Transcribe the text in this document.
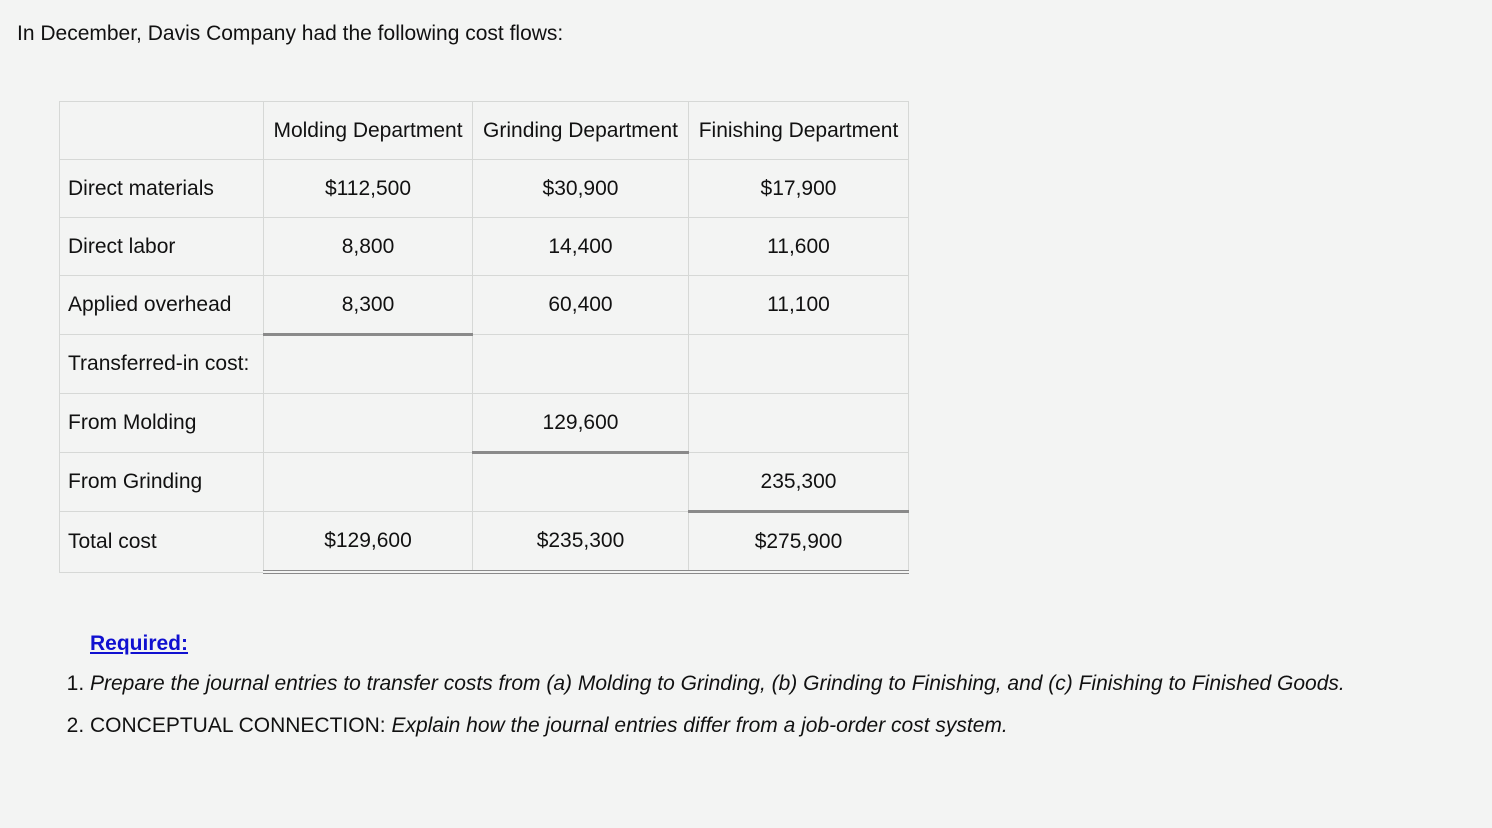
In December, Davis Company had the following cost flows:

	Molding Department	Grinding Department	Finishing Department
Direct materials	$112,500	$30,900	$17,900
Direct labor	8,800	14,400	11,600
Applied overhead	8,300	60,400	11,100
Transferred-in cost:			
From Molding		129,600	
From Grinding			235,300
Total cost	$129,600	$235,300	$275,900
Required:
1. Prepare the journal entries to transfer costs from (a) Molding to Grinding, (b) Grinding to Finishing, and (c) Finishing to Finished Goods.
2. CONCEPTUAL CONNECTION: Explain how the journal entries differ from a job-order cost system.
